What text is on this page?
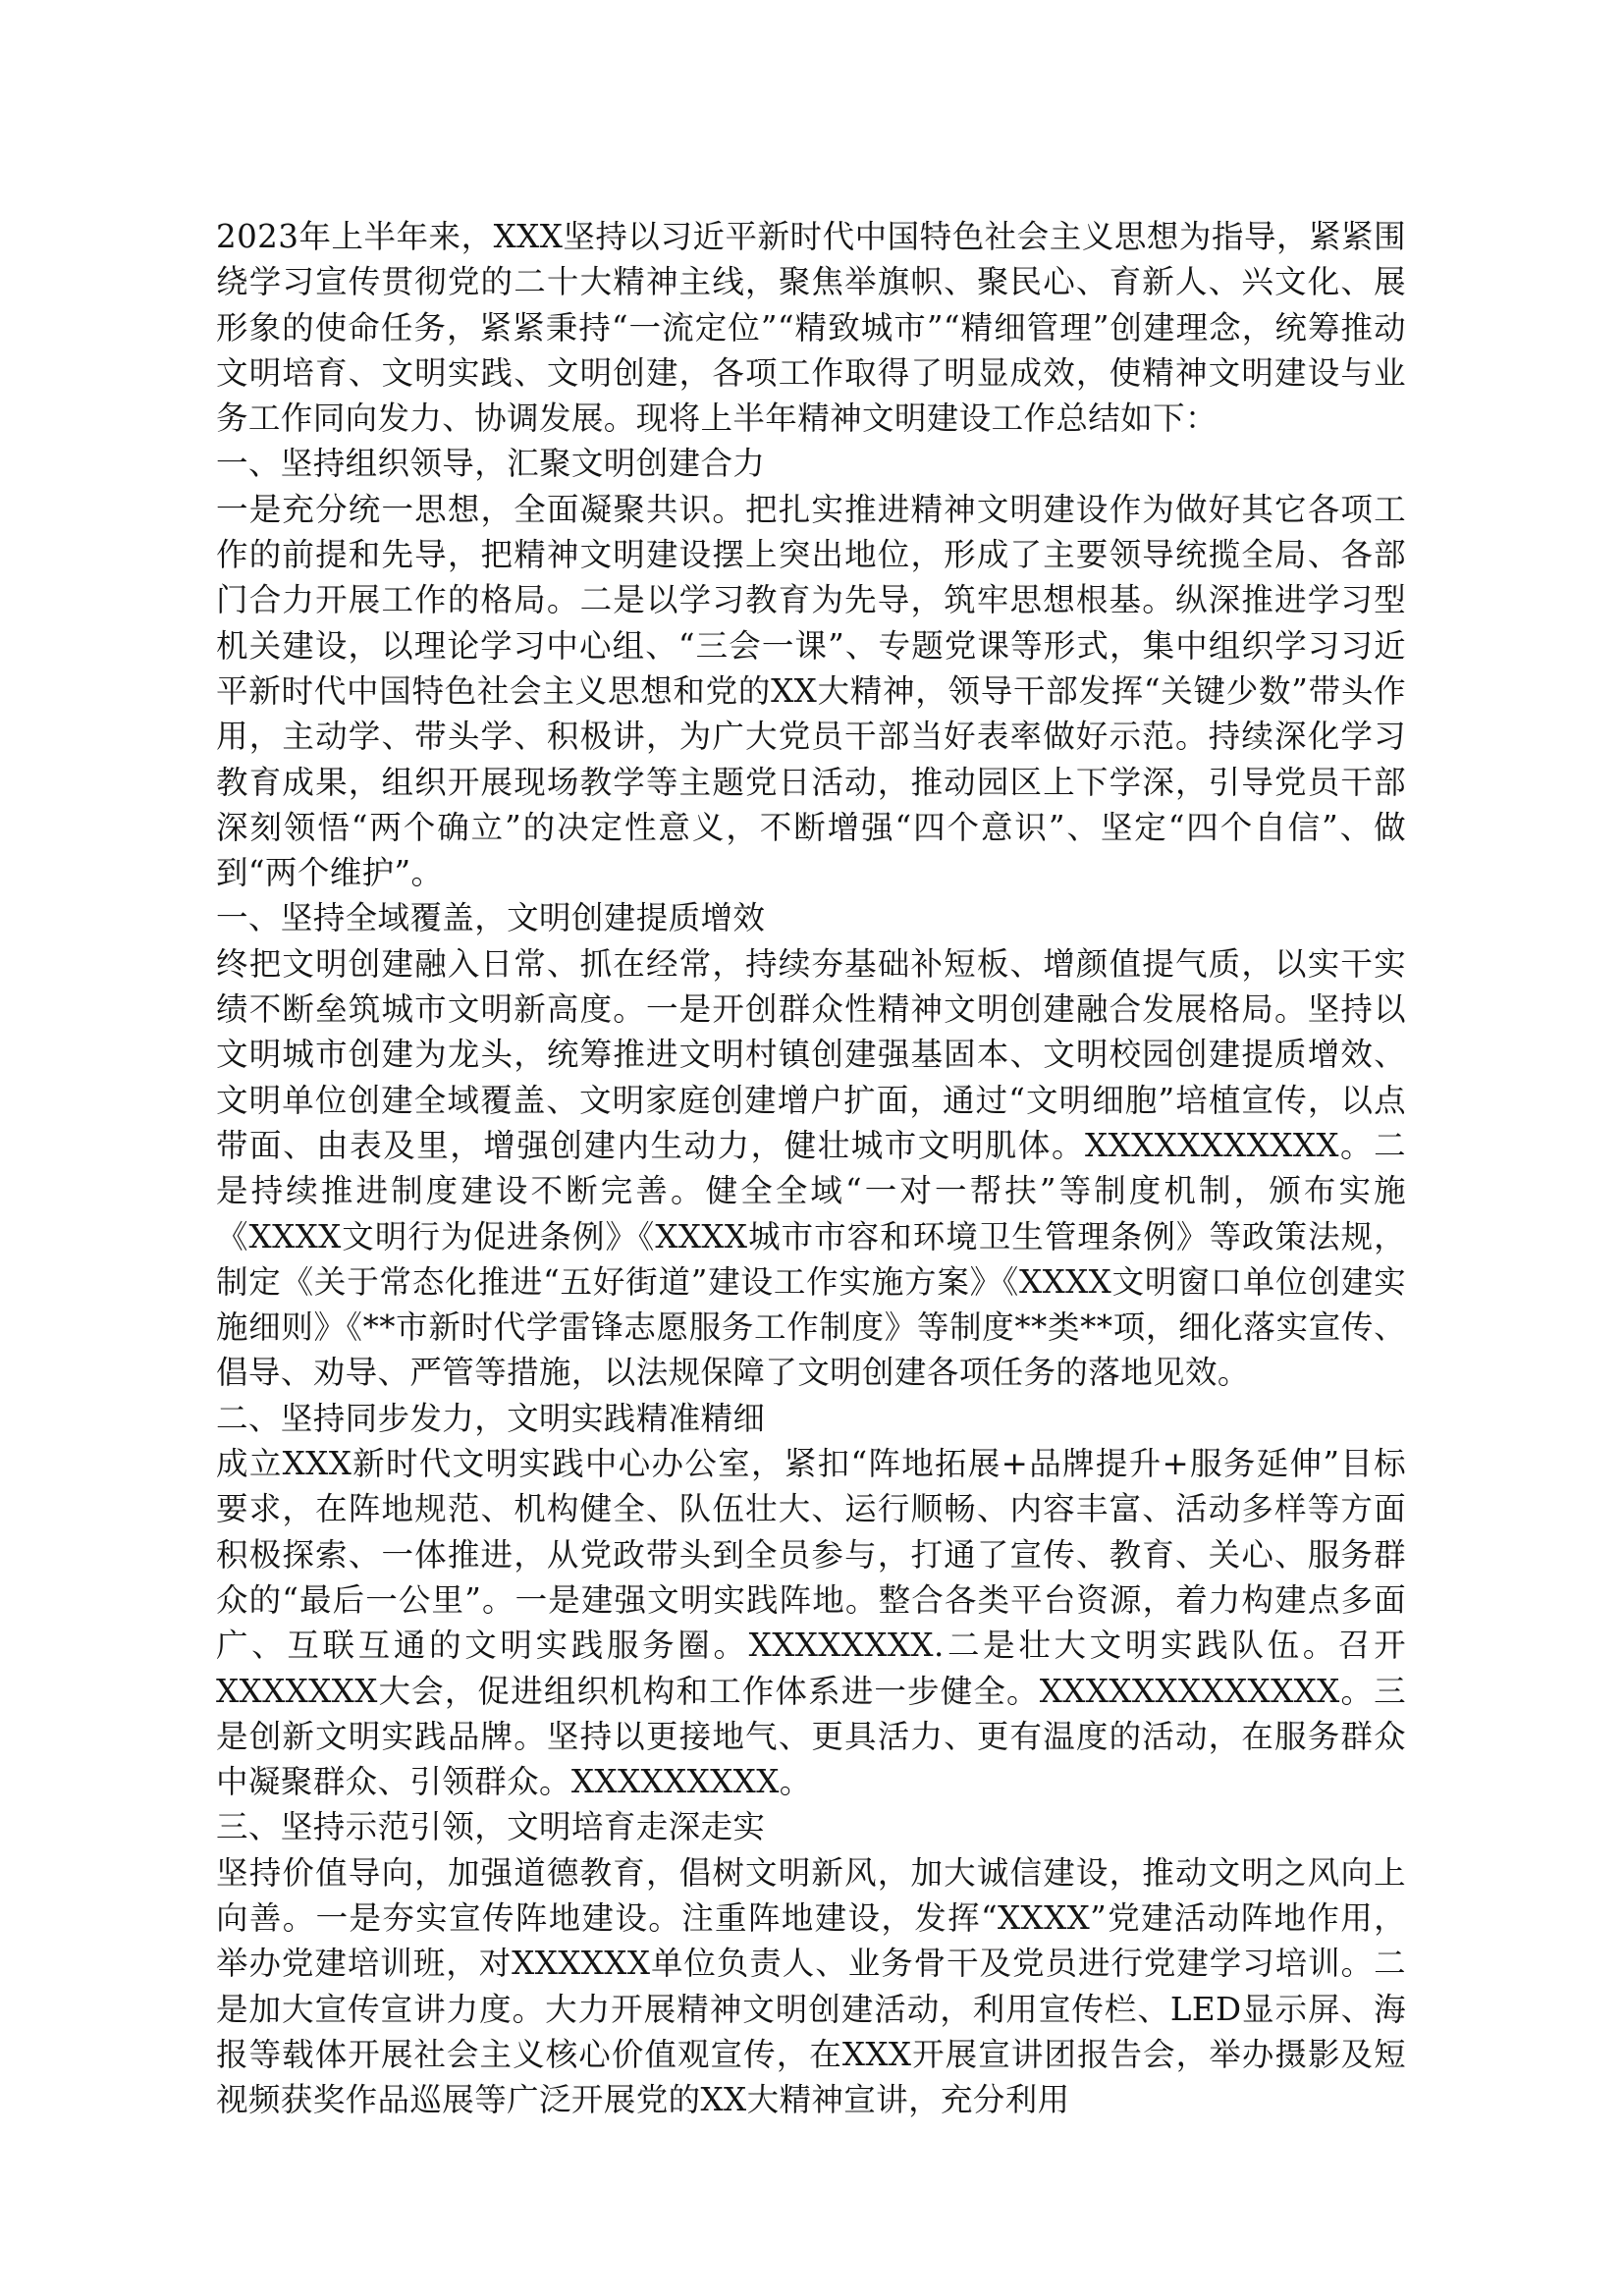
2023年上半年来，XXX坚持以习近平新时代中国特色社会主义思想为指导，紧紧围绕学习宣传贯彻党的二十大精神主线，聚焦举旗帜、聚民心、育新人、兴文化、展形象的使命任务，紧紧秉持“一流定位”“精致城市”“精细管理”创建理念，统筹推动文明培育、文明实践、文明创建，各项工作取得了明显成效，使精神文明建设与业务工作同向发力、协调发展。现将上半年精神文明建设工作总结如下：

一、坚持组织领导，汇聚文明创建合力

一是充分统一思想，全面凝聚共识。把扎实推进精神文明建设作为做好其它各项工作的前提和先导，把精神文明建设摆上突出地位，形成了主要领导统揽全局、各部门合力开展工作的格局。二是以学习教育为先导，筑牢思想根基。纵深推进学习型机关建设，以理论学习中心组、“三会一课”、专题党课等形式，集中组织学习习近平新时代中国特色社会主义思想和党的XX大精神，领导干部发挥“关键少数”带头作用，主动学、带头学、积极讲，为广大党员干部当好表率做好示范。持续深化学习教育成果，组织开展现场教学等主题党日活动，推动园区上下学深，引导党员干部深刻领悟“两个确立”的决定性意义，不断增强“四个意识”、坚定“四个自信”、做到“两个维护”。

一、坚持全域覆盖，文明创建提质增效

终把文明创建融入日常、抓在经常，持续夯基础补短板、增颜值提气质，以实干实绩不断垒筑城市文明新高度。一是开创群众性精神文明创建融合发展格局。坚持以文明城市创建为龙头，统筹推进文明村镇创建强基固本、文明校园创建提质增效、文明单位创建全域覆盖、文明家庭创建增户扩面，通过“文明细胞”培植宣传，以点带面、由表及里，增强创建内生动力，健壮城市文明肌体。XXXXXXXXXXX。二是持续推进制度建设不断完善。健全全域“一对一帮扶”等制度机制，颁布实施《XXXX文明行为促进条例》《XXXX城市市容和环境卫生管理条例》等政策法规，制定《关于常态化推进“五好街道”建设工作实施方案》《XXXX文明窗口单位创建实施细则》《**市新时代学雷锋志愿服务工作制度》等制度**类**项，细化落实宣传、倡导、劝导、严管等措施，以法规保障了文明创建各项任务的落地见效。

二、坚持同步发力，文明实践精准精细

成立XXX新时代文明实践中心办公室，紧扣“阵地拓展+品牌提升+服务延伸”目标要求，在阵地规范、机构健全、队伍壮大、运行顺畅、内容丰富、活动多样等方面积极探索、一体推进，从党政带头到全员参与，打通了宣传、教育、关心、服务群众的“最后一公里”。一是建强文明实践阵地。整合各类平台资源，着力构建点多面广、互联互通的文明实践服务圈。XXXXXXXX.二是壮大文明实践队伍。召开XXXXXXX大会，促进组织机构和工作体系进一步健全。XXXXXXXXXXXXX。三是创新文明实践品牌。坚持以更接地气、更具活力、更有温度的活动，在服务群众中凝聚群众、引领群众。XXXXXXXXX。

三、坚持示范引领，文明培育走深走实

坚持价值导向，加强道德教育，倡树文明新风，加大诚信建设，推动文明之风向上向善。一是夯实宣传阵地建设。注重阵地建设，发挥“XXXX”党建活动阵地作用，举办党建培训班，对XXXXXX单位负责人、业务骨干及党员进行党建学习培训。二是加大宣传宣讲力度。大力开展精神文明创建活动，利用宣传栏、LED显示屏、海报等载体开展社会主义核心价值观宣传，在XXX开展宣讲团报告会，举办摄影及短视频获奖作品巡展等广泛开展党的XX大精神宣讲，充分利用
